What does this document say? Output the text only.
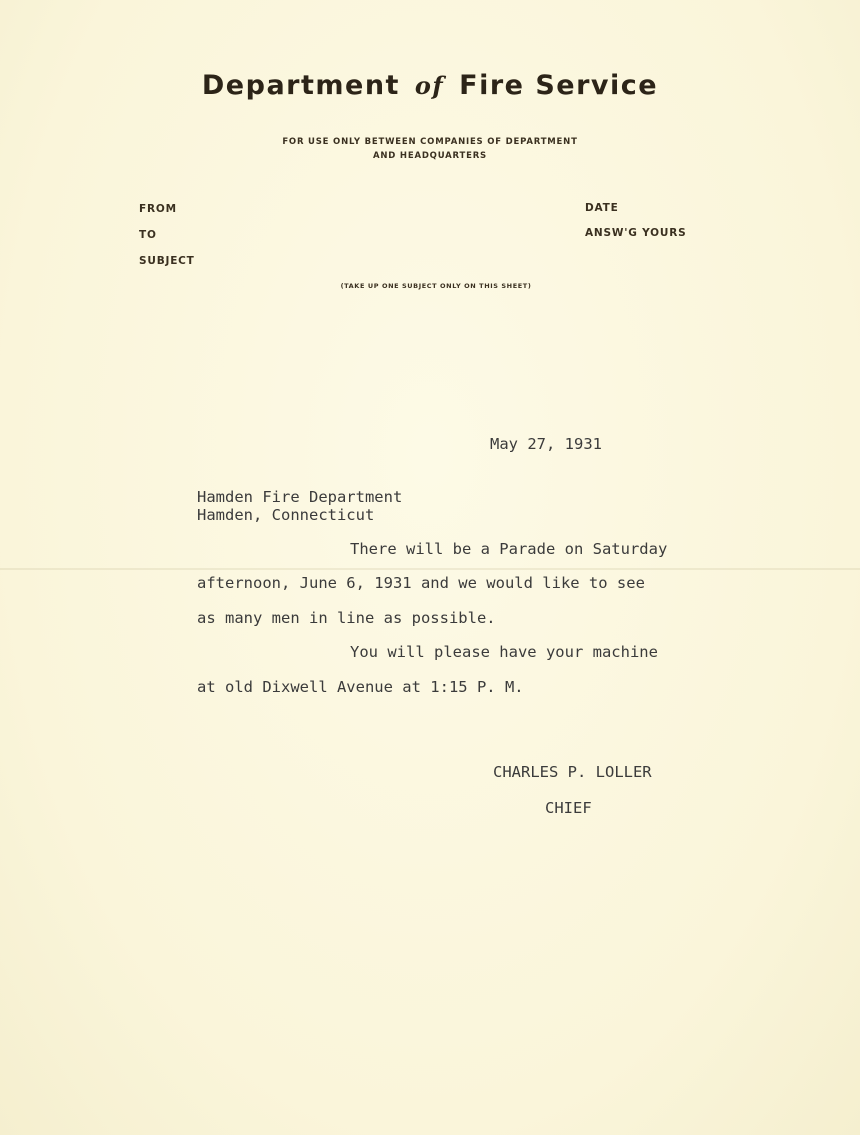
Department of Fire Service
FOR USE ONLY BETWEEN COMPANIES OF DEPARTMENT
AND HEADQUARTERS
FROM
TO
SUBJECT
DATE
ANSW'G YOURS
(TAKE UP ONE SUBJECT ONLY ON THIS SHEET)
May 27, 1931
Hamden Fire Department
Hamden, Connecticut
There will be a Parade on Saturday
afternoon, June 6, 1931 and we would like to see
as many men in line as possible.
You will please have your machine
at old Dixwell Avenue at 1:15 P. M.
CHARLES P. LOLLER
CHIEF
